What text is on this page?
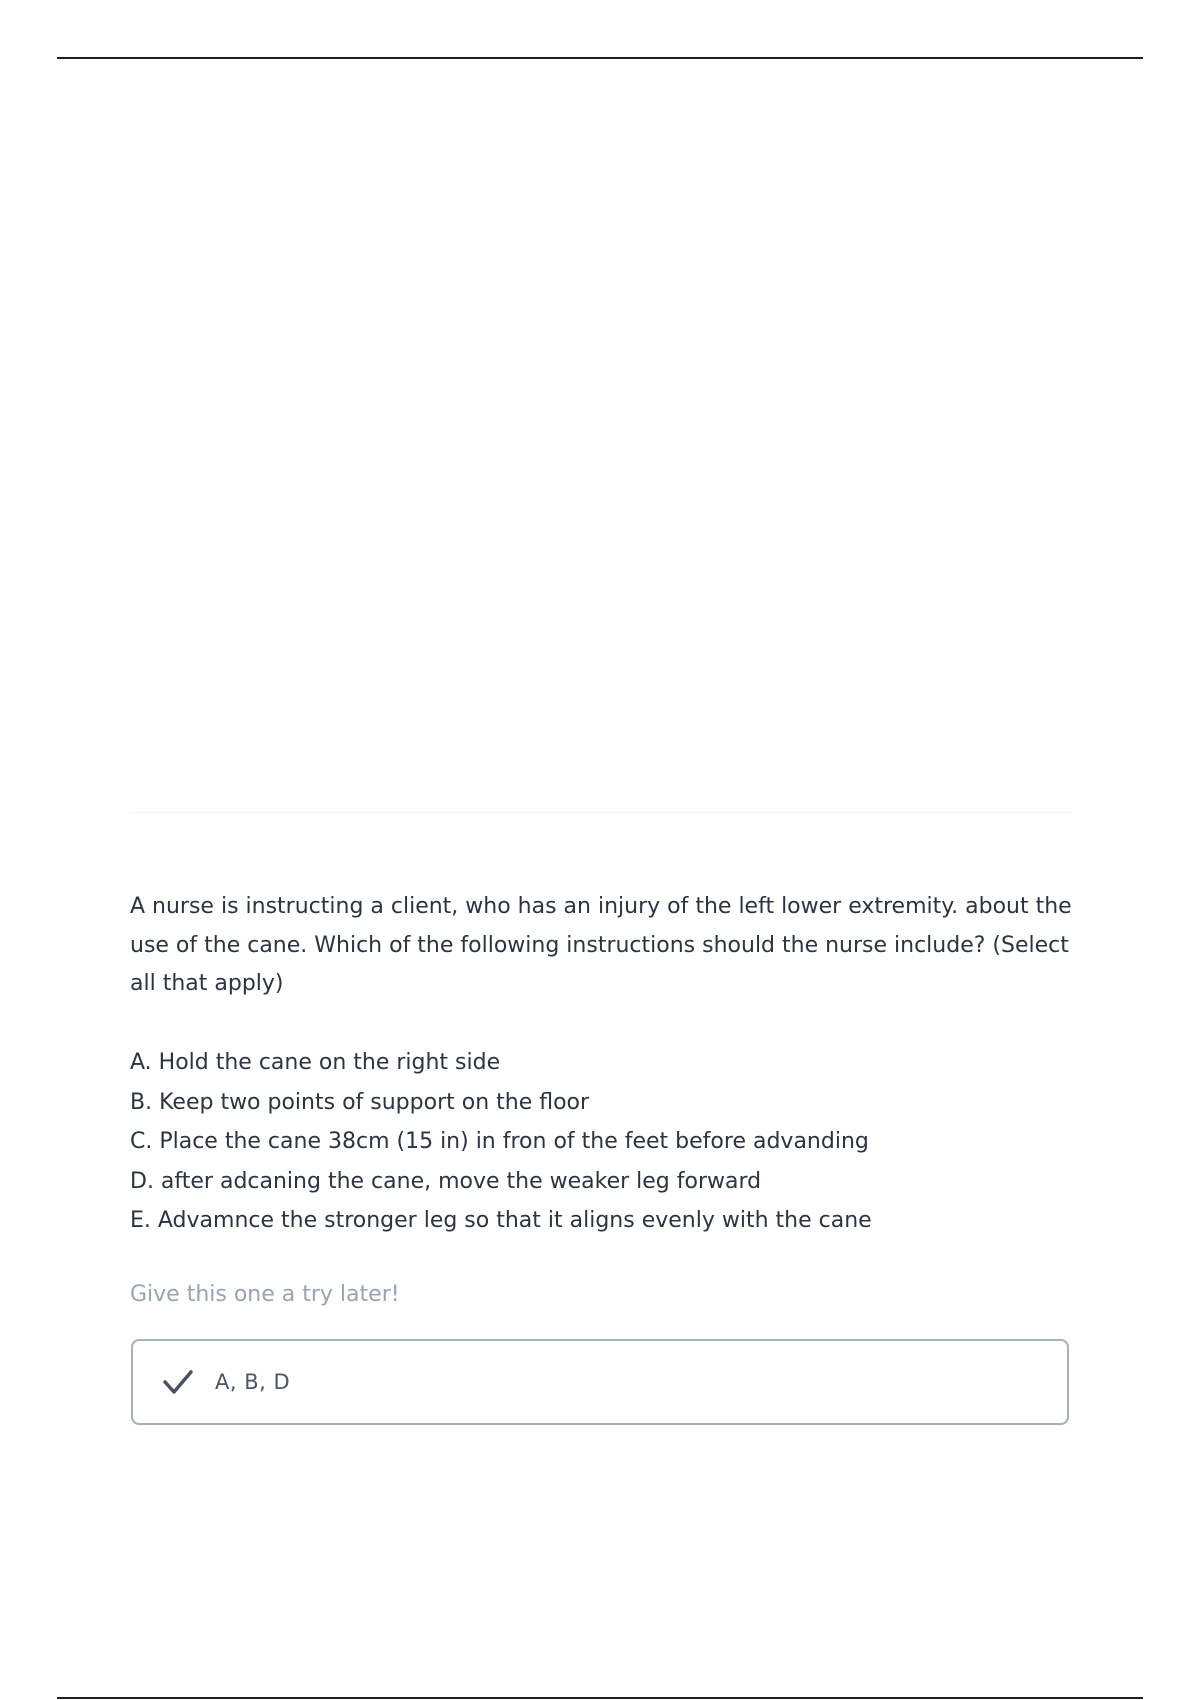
A nurse is instructing a client, who has an injury of the left lower extremity. about the use of the cane. Which of the following instructions should the nurse include? (Select all that apply)

A. Hold the cane on the right side
B. Keep two points of support on the floor
C. Place the cane 38cm (15 in) in fron of the feet before advanding
D. after adcaning the cane, move the weaker leg forward
E. Advamnce the stronger leg so that it aligns evenly with the cane
Give this one a try later!
A, B, D
